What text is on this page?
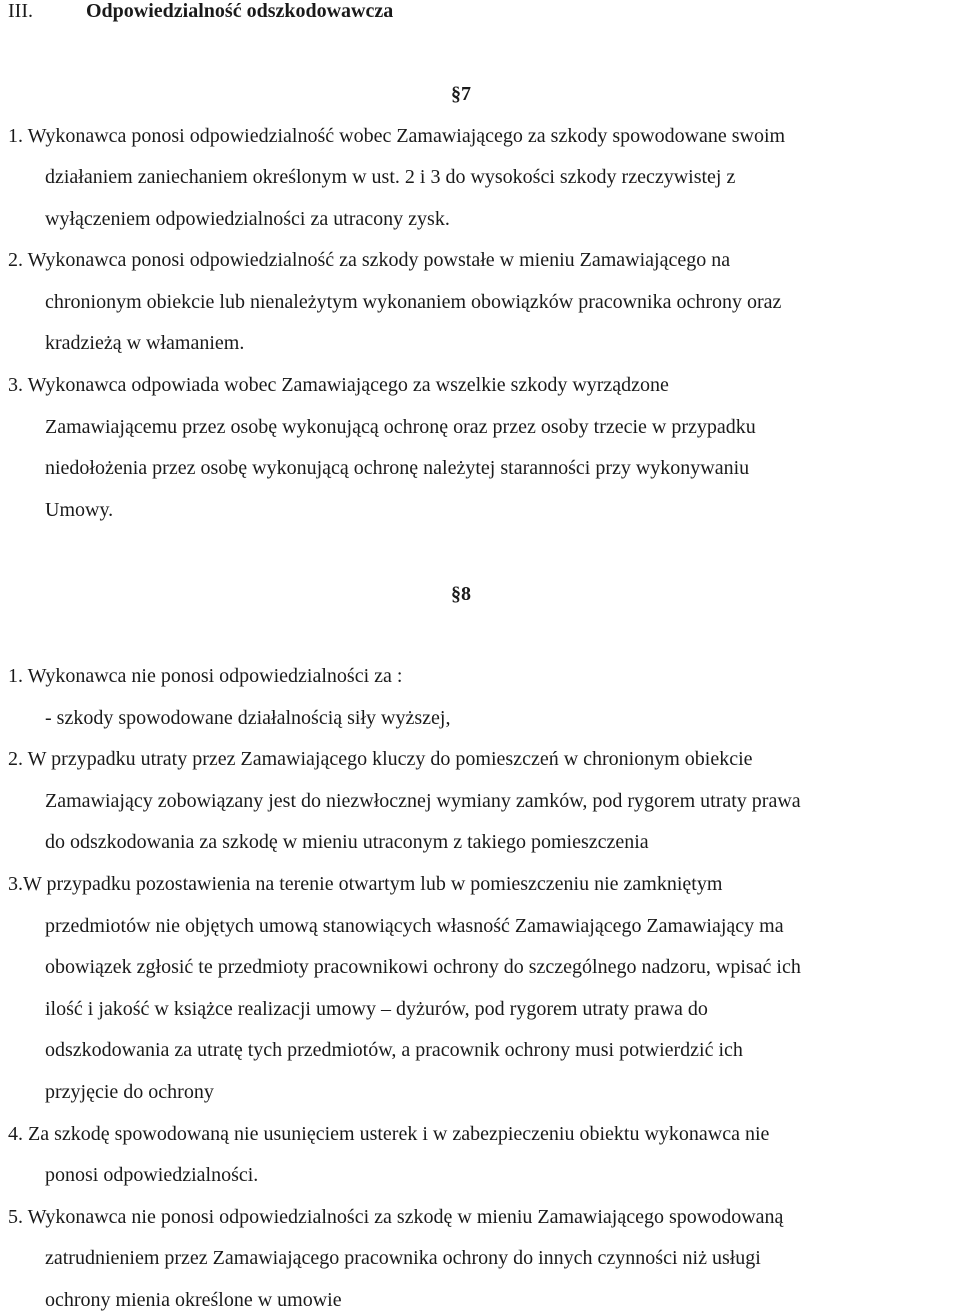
III.	Odpowiedzialność odszkodowawcza
§7
1. Wykonawca ponosi odpowiedzialność wobec Zamawiającego za szkody spowodowane swoim
działaniem zaniechaniem określonym w ust. 2 i 3 do wysokości szkody rzeczywistej z
wyłączeniem odpowiedzialności za utracony zysk.
2. Wykonawca ponosi odpowiedzialność za szkody powstałe w mieniu Zamawiającego na
chronionym obiekcie lub nienależytym wykonaniem obowiązków pracownika ochrony oraz
kradzieżą w włamaniem.
3. Wykonawca odpowiada wobec Zamawiającego za wszelkie szkody wyrządzone
Zamawiającemu przez osobę wykonującą ochronę oraz przez osoby trzecie w przypadku
niedołożenia przez osobę wykonującą ochronę należytej staranności przy wykonywaniu
Umowy.
§8
1. Wykonawca nie ponosi odpowiedzialności za :
- szkody spowodowane działalnością siły wyższej,
2. W przypadku utraty przez Zamawiającego kluczy do pomieszczeń w chronionym obiekcie
Zamawiający zobowiązany jest do niezwłocznej wymiany zamków, pod rygorem utraty prawa
do odszkodowania za szkodę w mieniu utraconym z takiego pomieszczenia
3.W przypadku pozostawienia na terenie otwartym lub w pomieszczeniu nie zamkniętym
przedmiotów nie objętych umową stanowiących własność Zamawiającego Zamawiający ma
obowiązek zgłosić te przedmioty pracownikowi ochrony do szczególnego nadzoru, wpisać ich
ilość i jakość w książce realizacji umowy – dyżurów, pod rygorem utraty prawa do
odszkodowania za utratę tych przedmiotów, a pracownik ochrony musi potwierdzić ich
przyjęcie do ochrony
4. Za szkodę spowodowaną nie usunięciem usterek i w zabezpieczeniu obiektu wykonawca nie
ponosi odpowiedzialności.
5. Wykonawca nie ponosi odpowiedzialności za szkodę w mieniu Zamawiającego spowodowaną
zatrudnieniem przez Zamawiającego pracownika ochrony do innych czynności niż usługi
ochrony mienia określone w umowie
